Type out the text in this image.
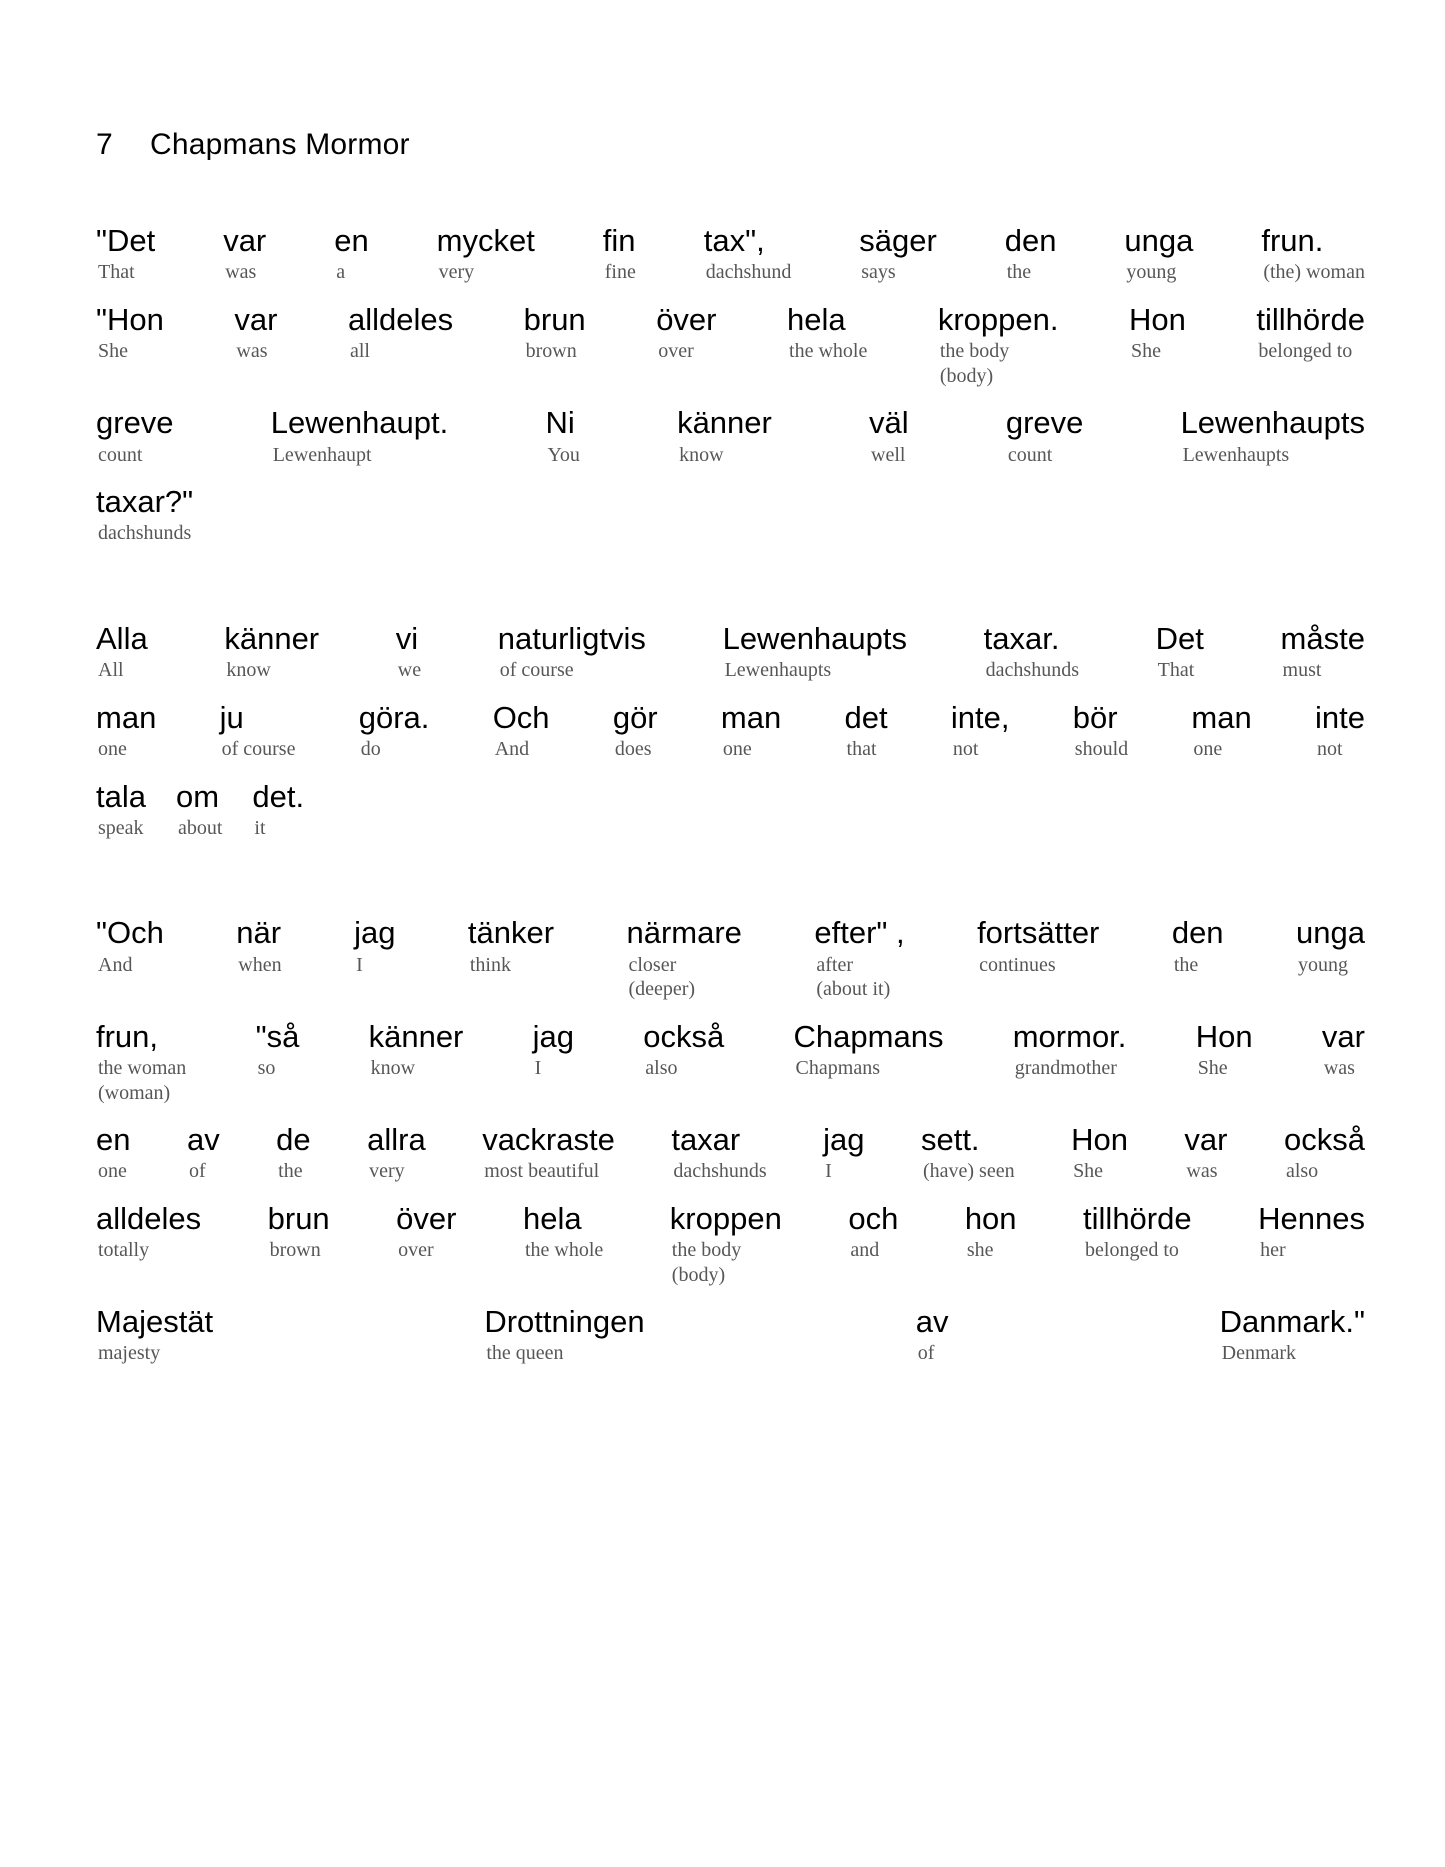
7 Chapmans Mormor
"Det
That
var
was
en
a
mycket
very
fin
fine
tax",
dachshund
säger
says
den
the
unga
young
frun.
(the) woman
"Hon
She
var
was
alldeles
all
brun
brown
över
over
hela
the whole
kroppen.
the body
(body)
Hon
She
tillhörde
belonged to
greve
count
Lewenhaupt.
Lewenhaupt
Ni
You
känner
know
väl
well
greve
count
Lewenhaupts
Lewenhaupts
taxar?"
dachshunds
Alla
All
känner
know
vi
we
naturligtvis
of course
Lewenhaupts
Lewenhaupts
taxar.
dachshunds
Det
That
måste
must
man
one
ju
of course
göra.
do
Och
And
gör
does
man
one
det
that
inte,
not
bör
should
man
one
inte
not
tala
speak
om
about
det.
it
"Och
And
när
when
jag
I
tänker
think
närmare
closer
(deeper)
efter" ,
after
(about it)
fortsätter
continues
den
the
unga
young
frun,
the woman
(woman)
"så
so
känner
know
jag
I
också
also
Chapmans
Chapmans
mormor.
grandmother
Hon
She
var
was
en
one
av
of
de
the
allra
very
vackraste
most beautiful
taxar
dachshunds
jag
I
sett.
(have) seen
Hon
She
var
was
också
also
alldeles
totally
brun
brown
över
over
hela
the whole
kroppen
the body
(body)
och
and
hon
she
tillhörde
belonged to
Hennes
her
Majestät
majesty
Drottningen
the queen
av
of
Danmark."
Denmark
